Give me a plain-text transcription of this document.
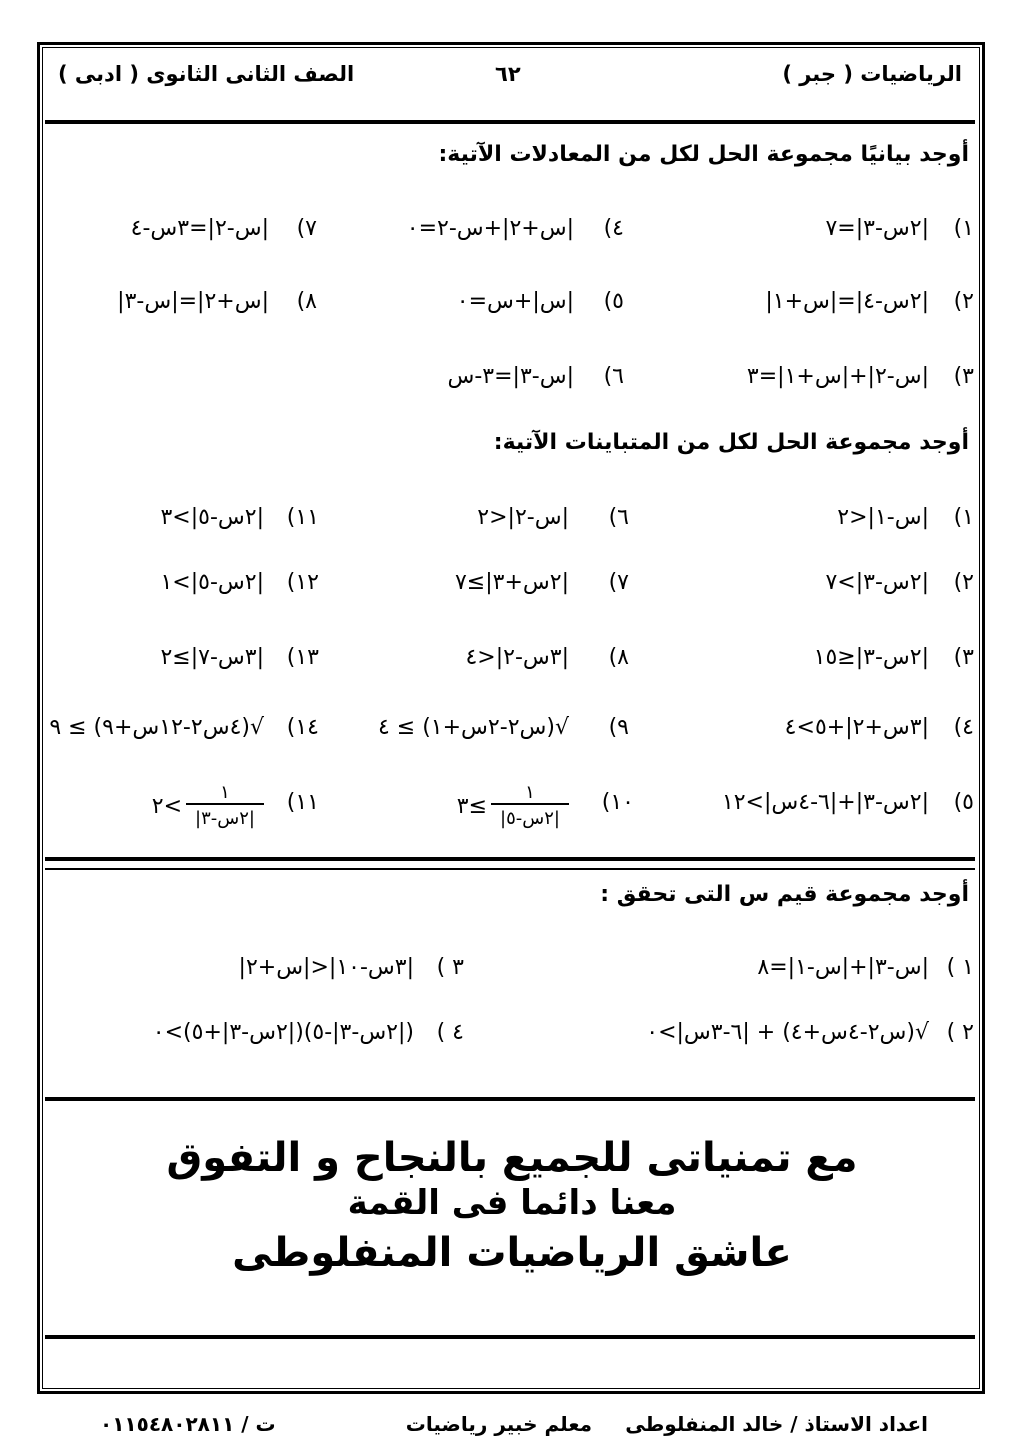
الرياضيات ( جبر )
٦٢
الصف الثانى الثانوى ( ادبى )
أوجد بيانيًا مجموعة الحل لكل من المعادلات الآتية:
١)
|٢س-٣|=٧
٢)
|٢س-٤|=|س+١|
٣)
|س-٢|+|س+١|=٣
٤)
|س+٢|+س-٢=٠
٥)
|س|+س=٠
٦)
|س-٣|=٣-س
٧)
|س-٢|=٣س-٤
٨)
|س+٢|=|س-٣|
أوجد مجموعة الحل لكل من المتباينات الآتية:
١)
|س-١|<٢
٢)
|٢س-٣|>٧
٣)
|٢س-٣|≤١٥
٤)
|٣س+٢|+٥>٤
٥)
|٢س-٣|+|٦-٤س|>١٢
٦)
|س-٢|<٢
٧)
|٢س+٣|≥٧
٨)
|٣س-٢|<٤
٩)
√(س٢-٢س+١) ≥ ٤
١٠)
١
|٢س-٥|
≥٣
١١)
|٢س-٥|>٣
١٢)
|٢س-٥|>١
١٣)
|٣س-٧|≥٢
١٤)
√(٤س٢-١٢س+٩) ≥ ٩
١١)
١
|٢س-٣|
>٢
أوجد مجموعة قيم س التى تحقق :
١ )
|س-٣|+|س-١|=٨
٢ )
√(س٢-٤س+٤) + |٦-٣س|>٠
٣ )
|٣س-١٠|<|س+٢|
٤ )
(|٢س-٣|-٥)(|٢س-٣|+٥)>٠
مع تمنياتى للجميع بالنجاح و التفوق
معنا دائما فى القمة
عاشق الرياضيات المنفلوطى
اعداد الاستاذ / خالد المنفلوطى
معلم خبير رياضيات
ت / ٠١١٥٤٨٠٢٨١١
